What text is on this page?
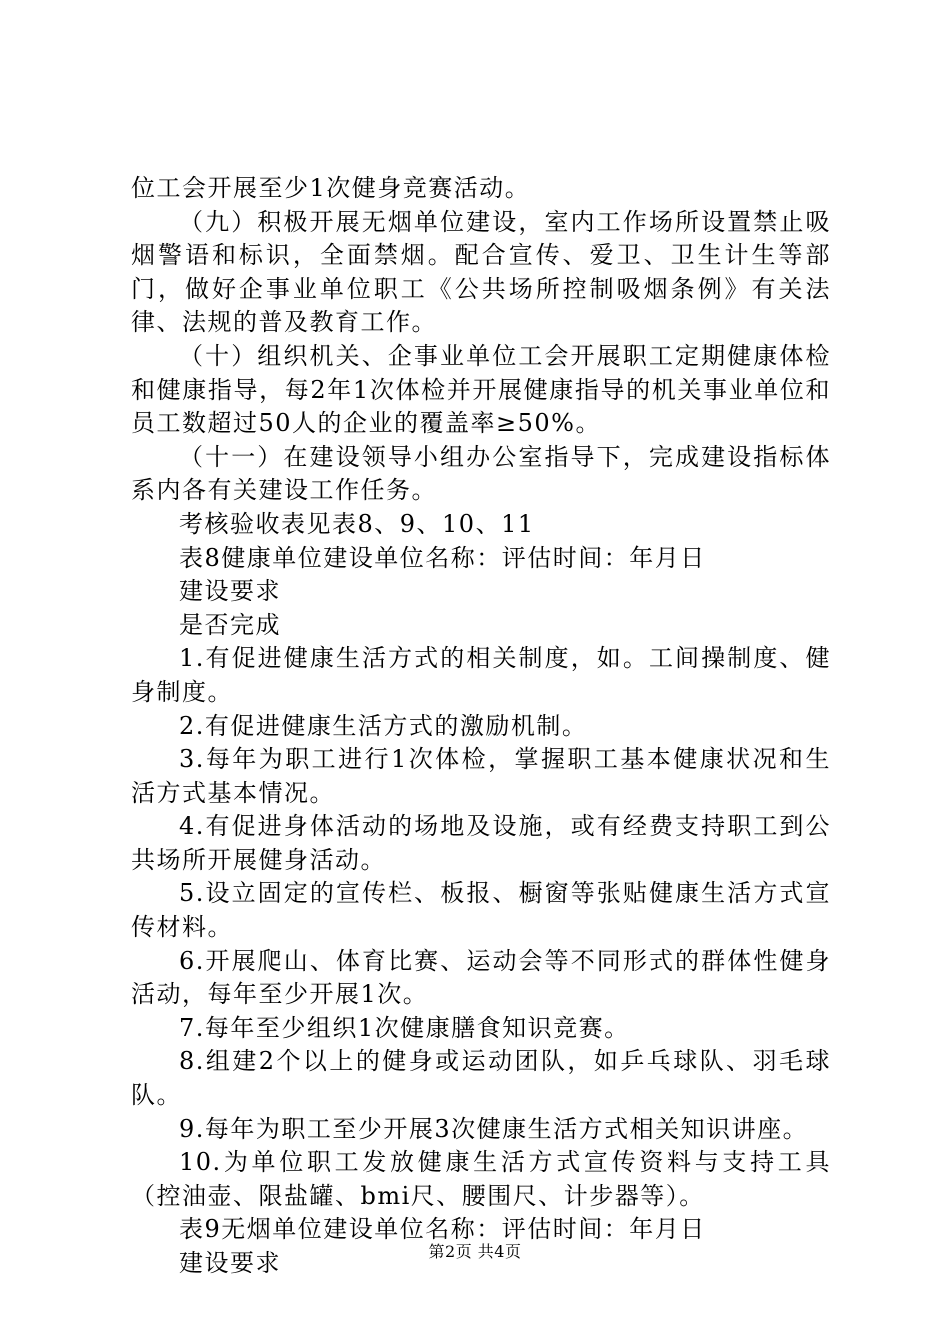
位工会开展至少1次健身竞赛活动。

（九）积极开展无烟单位建设，室内工作场所设置禁止吸烟警语和标识，全面禁烟。配合宣传、爱卫、卫生计生等部门，做好企事业单位职工《公共场所控制吸烟条例》有关法律、法规的普及教育工作。

（十）组织机关、企事业单位工会开展职工定期健康体检和健康指导，每2年1次体检并开展健康指导的机关事业单位和员工数超过50人的企业的覆盖率≥50%。

（十一）在建设领导小组办公室指导下，完成建设指标体系内各有关建设工作任务。

考核验收表见表8、9、10、11

表8健康单位建设单位名称：评估时间：年月日

建设要求

是否完成

1.有促进健康生活方式的相关制度，如。工间操制度、健身制度。

2.有促进健康生活方式的激励机制。

3.每年为职工进行1次体检，掌握职工基本健康状况和生活方式基本情况。

4.有促进身体活动的场地及设施，或有经费支持职工到公共场所开展健身活动。

5.设立固定的宣传栏、板报、橱窗等张贴健康生活方式宣传材料。

6.开展爬山、体育比赛、运动会等不同形式的群体性健身活动，每年至少开展1次。

7.每年至少组织1次健康膳食知识竞赛。

8.组建2个以上的健身或运动团队，如乒乓球队、羽毛球队。

9.每年为职工至少开展3次健康生活方式相关知识讲座。

10.为单位职工发放健康生活方式宣传资料与支持工具（控油壶、限盐罐、bmi尺、腰围尺、计步器等）。

表9无烟单位建设单位名称：评估时间：年月日

建设要求	第2页 共4页
